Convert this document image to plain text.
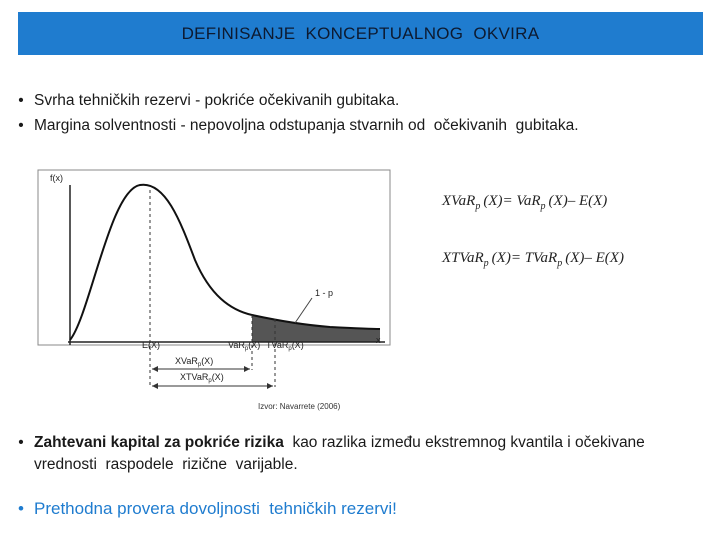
DEFINISANJE  KONCEPTUALNOG  OKVIRA
• Svrha tehničkih rezervi - pokriće očekivanih gubitaka.
• Margina solventnosti - nepovoljna odstupanja stvarnih od  očekivanih  gubitaka.
f(x)
x
1 - p
E(X)	VaR$_p$(X) TVaR$_p$(X)
XVaR$_p$(X)
XTVaR$_p$(X)
Izvor: Navarrete (2006)
XVaR$_p$ (X)= VaR$_p$ (X)– E(X)
XTVaR$_p$ (X)= TVaR$_p$ (X)– E(X)
• Zahtevani kapital za pokriće rizika  kao razlika između ekstremnog kvantila i očekivane  vrednosti  raspodele  rizične  varijable.
• Prethodna provera dovoljnosti  tehničkih rezervi!
